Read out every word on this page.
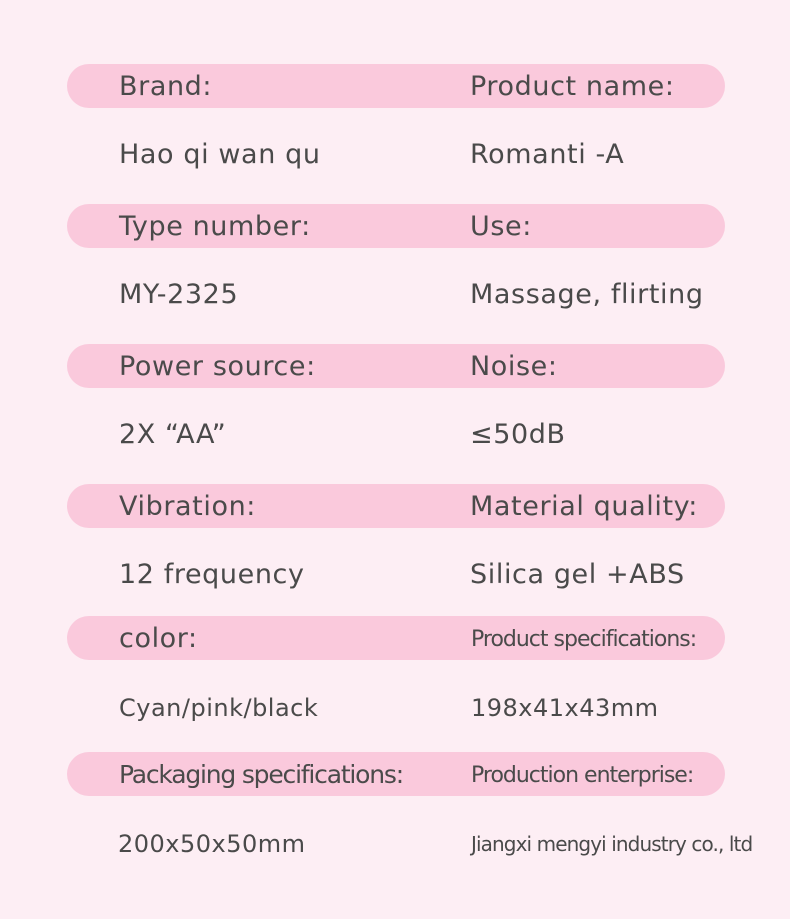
Brand:	Product name:
Hao qi wan qu	Romanti -A
Type number:	Use:
MY-2325	Massage, flirting
Power source:	Noise:
2X “AA”	≤50dB
Vibration:	Material quality:
12 frequency	Silica gel +ABS
color:	Product specifications:
Cyan/pink/black	198x41x43mm
Packaging specifications:	Production enterprise:
200x50x50mm	Jiangxi mengyi industry co., ltd
